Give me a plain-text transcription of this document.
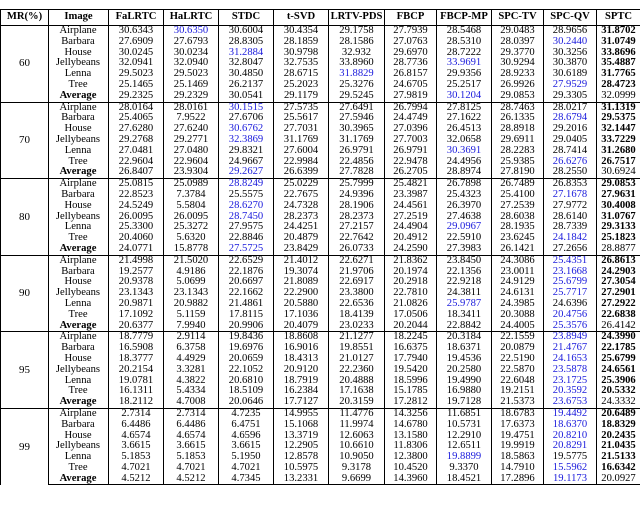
MR(%)	Image	FaLRTC	HaLRTC	STDC	t-SVD	LRTV-PDS	FBCP	FBCP-MP	SPC-TV	SPC-QV	SPTC
60	Airplane	30.6343	30.6350	30.6004	30.4354	29.1758	27.7939	28.5468	29.0483	28.9656	31.8702
	Barbara	27.6909	27.6793	28.8305	28.1859	28.1586	27.0763	28.5310	28.0397	30.2440	31.0749
	House	30.0245	30.0234	31.2884	30.9798	32.932	29.6970	28.7222	29.3770	30.3256	33.8696
	Jellybeans	32.0941	32.0940	32.8047	32.7535	33.8960	28.7736	33.9691	30.9294	30.3870	35.4887
	Lenna	29.5023	29.5023	30.4850	28.6715	31.8829	26.8157	29.9356	28.9233	30.6189	31.7765
	Tree	25.1465	25.1469	26.2137	25.2023	25.3276	24.6705	25.2517	26.9926	27.9529	28.4723
	Average	29.2325	29.2329	30.0541	29.1179	29.5245	27.9819	30.1204	29.0853	29.3305	32.0999
70	Airplane	28.0164	28.0161	30.1515	27.5735	27.6491	26.7994	27.8125	28.7463	28.0217	31.1319
	Barbara	25.4065	7.9522	27.6706	25.5617	27.5946	24.4749	27.1622	26.1335	28.6794	29.5375
	House	27.6280	27.6240	30.6762	27.7031	30.3965	27.0396	26.4513	28.8918	29.2016	32.1447
	Jellybeans	29.2768	29.2771	32.3869	31.1769	31.1769	27.7003	32.0658	29.6911	29.0405	33.7229
	Lenna	27.0481	27.0480	29.8321	27.6004	26.9791	26.9791	30.3691	28.2283	28.7414	31.2680
	Tree	22.9604	22.9604	24.9667	22.9984	22.4856	22.9478	24.4956	25.9385	26.6276	26.7517
	Average	26.8407	23.9304	29.2627	26.6399	27.7828	26.2705	28.8974	27.8190	28.2550	30.6924
80	Airplane	25.0815	25.0989	28.8249	25.0229	25.7999	25.4821	26.7898	26.7489	26.8353	29.0853
	Barbara	22.8523	7.3784	25.5575	22.7675	24.9396	23.3987	25.4323	25.4100	27.1678	27.9631
	House	24.5249	5.5804	28.6270	24.7328	28.1906	24.4561	26.3970	27.2539	27.9772	30.4008
	Jellybeans	26.0095	26.0095	28.7450	28.2373	28.2373	27.2519	27.4638	28.6038	28.6140	31.0767
	Lenna	25.3300	25.3272	27.9575	24.4251	27.2157	24.4904	29.0967	28.1935	28.7339	29.3133
	Tree	20.4060	5.6320	22.8846	20.4879	22.7642	20.4912	22.5910	23.6245	24.1842	25.1823
	Average	24.0771	15.8778	27.5725	23.8429	26.0733	24.2590	27.3983	26.1421	27.2656	28.8877
90	Airplane	21.4998	21.5020	22.6529	21.4012	22.6271	21.8362	23.8450	24.3086	25.4351	26.8613
	Barbara	19.2577	4.9186	22.1876	19.3074	21.9706	20.1974	22.1356	23.0011	23.1668	24.2903
	House	20.9378	5.0699	20.6697	21.8089	22.6917	20.2918	22.9218	24.9129	25.6799	27.3054
	Jellybeans	23.1343	23.1343	22.1662	22.2900	23.3800	22.7810	24.3811	24.6131	25.7717	27.2901
	Lenna	20.9871	20.9882	21.4861	20.5880	22.6536	21.0826	25.9787	24.3985	24.6396	27.2922
	Tree	17.1092	5.1159	17.8115	17.1036	18.4139	17.0506	18.3411	20.3088	20.4756	22.6838
	Average	20.6377	7.9940	20.9906	20.4079	23.0233	20.2044	22.8842	24.4005	25.3576	26.4142
95	Airplane	18.7779	2.9114	19.8436	18.8608	21.1277	18.2245	20.3184	22.1559	23.8949	24.3990
	Barbara	16.5908	6.3758	19.6976	16.9016	19.8551	16.6375	18.6371	20.0879	21.4767	22.1785
	House	18.3777	4.4929	20.0659	18.4313	21.0127	17.7940	19.4536	22.5190	24.1653	25.6799
	Jellybeans	20.2154	3.3281	22.1052	20.9120	22.2360	19.5420	20.2580	22.5870	23.5878	24.6561
	Lenna	19.0781	4.3822	20.6810	18.7919	20.4888	18.5996	19.4990	22.6048	23.1725	25.3906
	Tree	16.1311	5.4334	18.5109	16.2384	17.1638	15.1785	16.9880	19.2151	20.3592	20.5332
	Average	18.2112	4.7008	20.0646	17.7127	20.3159	17.2812	19.7128	21.5373	23.6753	24.3332
99	Airplane	2.7314	2.7314	4.7235	14.9955	11.4776	14.3256	11.6851	18.6783	19.4492	20.6489
	Barbara	6.4486	6.4486	6.4751	15.1068	11.9974	14.6780	10.5731	17.6373	18.6370	18.8329
	House	4.6574	4.6574	4.6596	13.3719	12.6063	13.1580	12.2910	19.4751	20.8210	20.2435
	Jellybeans	3.6615	3.6615	3.6615	12.2905	10.6610	11.8306	12.6511	19.9919	20.8291	21.0435
	Lenna	5.1853	5.1853	5.1950	12.8578	10.9050	12.3800	19.8899	18.5863	19.5775	21.5133
	Tree	4.7021	4.7021	4.7021	10.5975	9.3178	10.4520	9.3370	14.7910	15.5962	16.6342
	Average	4.5212	4.5212	4.7345	13.2331	9.6699	14.3960	18.4521	17.2896	19.1173	20.0927
